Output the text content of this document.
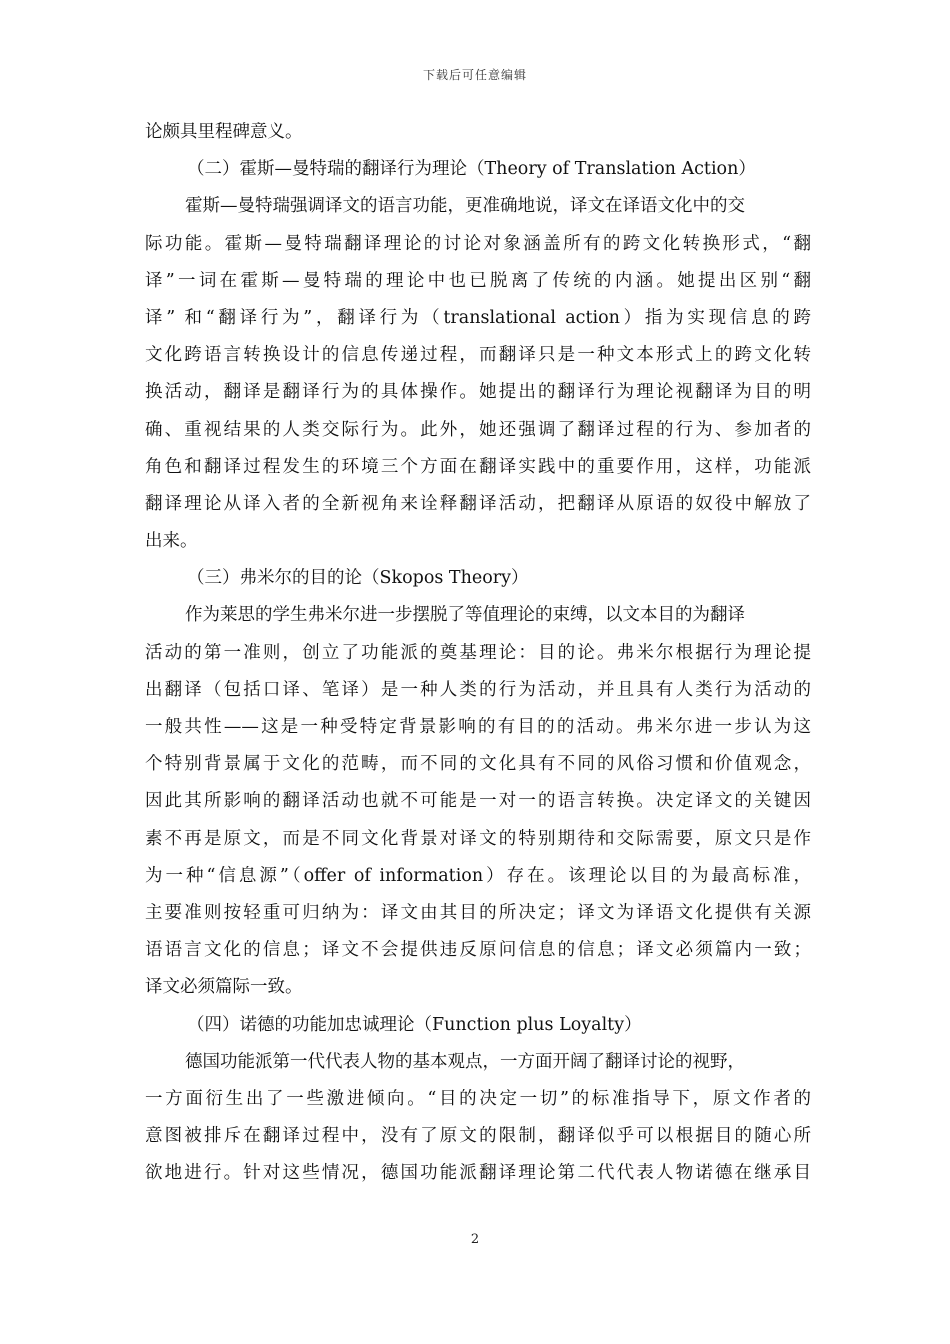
下载后可任意编辑
论颇具里程碑意义。
（二）霍斯—曼特瑞的翻译行为理论（Theory of Translation Action）
霍斯—曼特瑞强调译文的语言功能，更准确地说，译文在译语文化中的交
际功能。霍斯—曼特瑞翻译理论的讨论对象涵盖所有的跨文化转换形式，“翻
译”一词在霍斯—曼特瑞的理论中也已脱离了传统的内涵。她提出区别“翻
译” 和“翻译行为”，翻译行为（translational action）指为实现信息的跨
文化跨语言转换设计的信息传递过程，而翻译只是一种文本形式上的跨文化转
换活动，翻译是翻译行为的具体操作。她提出的翻译行为理论视翻译为目的明
确、重视结果的人类交际行为。此外，她还强调了翻译过程的行为、参加者的
角色和翻译过程发生的环境三个方面在翻译实践中的重要作用，这样，功能派
翻译理论从译入者的全新视角来诠释翻译活动，把翻译从原语的奴役中解放了
出来。
（三）弗米尔的目的论（Skopos Theory）
作为莱思的学生弗米尔进一步摆脱了等值理论的束缚，以文本目的为翻译
活动的第一准则，创立了功能派的奠基理论：目的论。弗米尔根据行为理论提
出翻译（包括口译、笔译）是一种人类的行为活动，并且具有人类行为活动的
一般共性——这是一种受特定背景影响的有目的的活动。弗米尔进一步认为这
个特别背景属于文化的范畴，而不同的文化具有不同的风俗习惯和价值观念，
因此其所影响的翻译活动也就不可能是一对一的语言转换。决定译文的关键因
素不再是原文，而是不同文化背景对译文的特别期待和交际需要，原文只是作
为一种“信息源”（offer of information）存在。该理论以目的为最高标准，
主要准则按轻重可归纳为：译文由其目的所决定；译文为译语文化提供有关源
语语言文化的信息；译文不会提供违反原问信息的信息；译文必须篇内一致；
译文必须篇际一致。
（四）诺德的功能加忠诚理论（Function plus Loyalty）
德国功能派第一代代表人物的基本观点，一方面开阔了翻译讨论的视野，
一方面衍生出了一些激进倾向。“目的决定一切”的标准指导下，原文作者的
意图被排斥在翻译过程中，没有了原文的限制，翻译似乎可以根据目的随心所
欲地进行。针对这些情况，德国功能派翻译理论第二代代表人物诺德在继承目
2
